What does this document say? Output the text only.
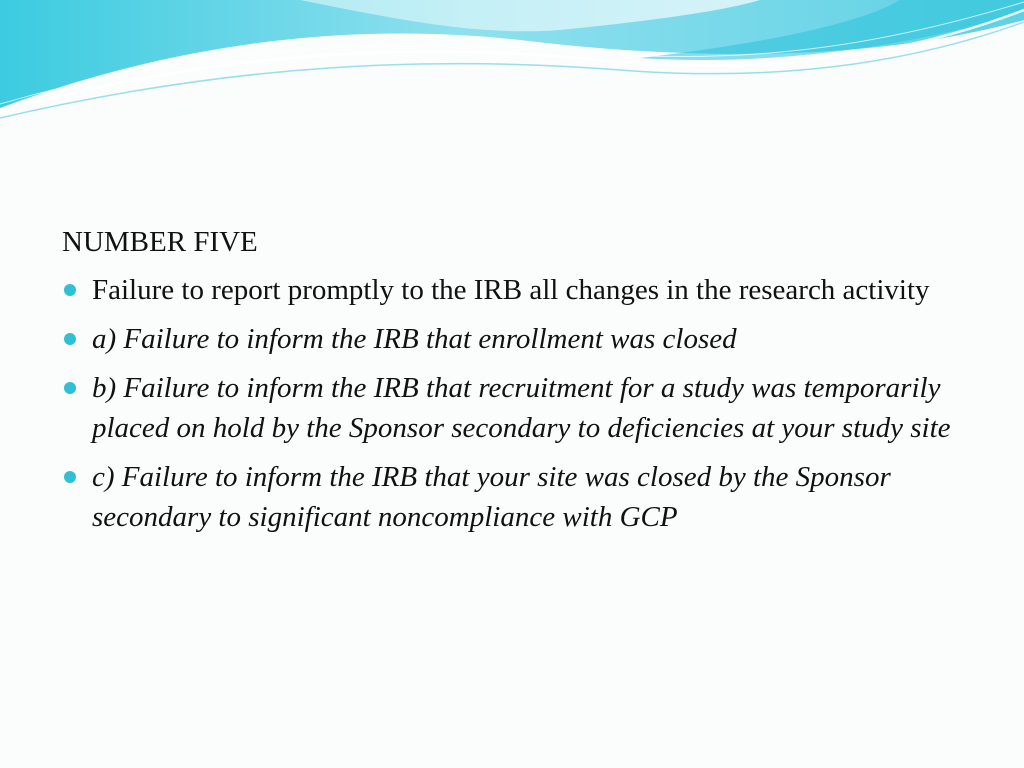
NUMBER FIVE
Failure to report promptly to the IRB all changes in the research activity
a) Failure to inform the IRB that enrollment was closed
b) Failure to inform the IRB that recruitment for a study was temporarily placed on hold by the Sponsor secondary to deficiencies at your study site
c) Failure to inform the IRB that your site was closed by the Sponsor secondary to significant noncompliance with GCP
